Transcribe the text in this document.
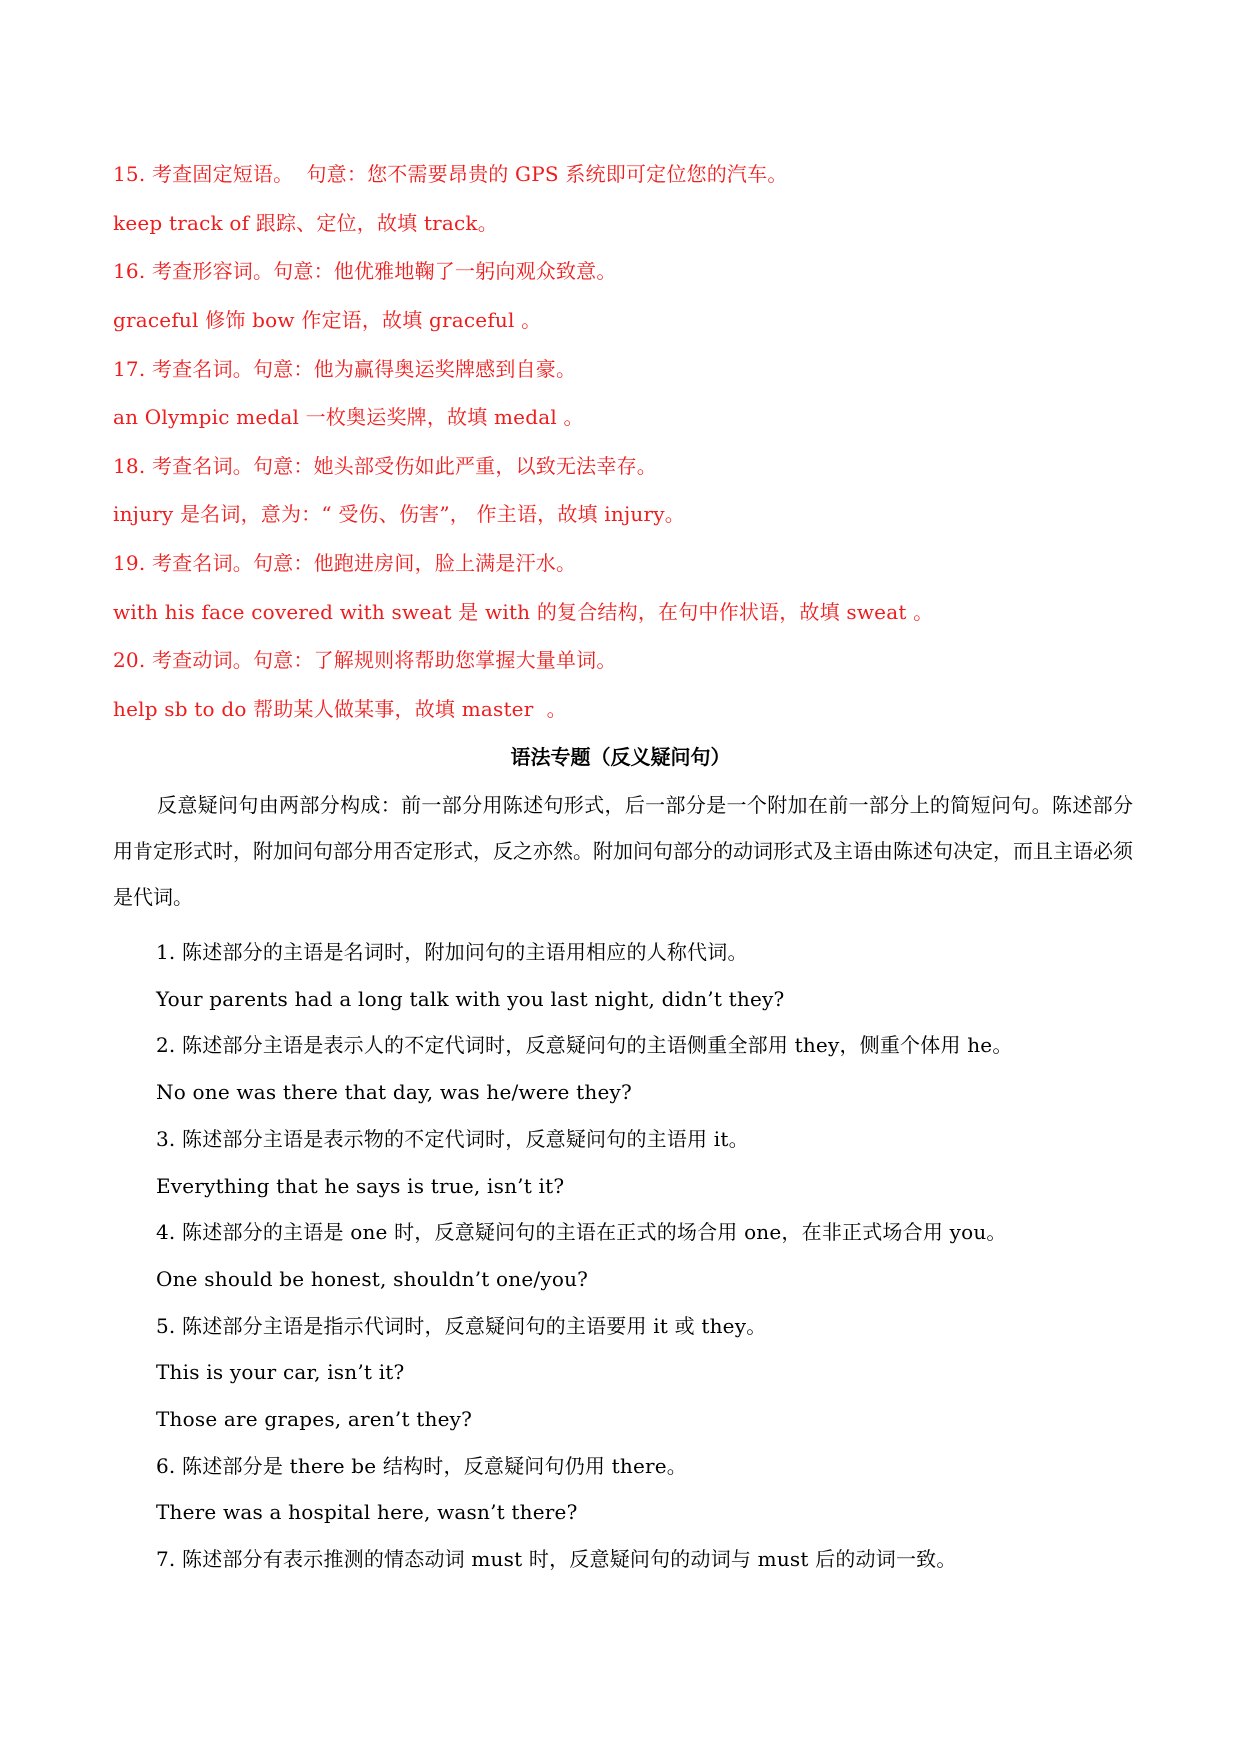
15. 考查固定短语。  句意：您不需要昂贵的 GPS 系统即可定位您的汽车。
keep track of 跟踪、定位，故填 track。
16. 考查形容词。句意：他优雅地鞠了一躬向观众致意。
graceful 修饰 bow 作定语，故填 graceful 。
17. 考查名词。句意：他为赢得奥运奖牌感到自豪。
an Olympic medal 一枚奥运奖牌，故填 medal 。
18. 考查名词。句意：她头部受伤如此严重，以致无法幸存。
injury 是名词，意为：“ 受伤、伤害”， 作主语，故填 injury。
19. 考查名词。句意：他跑进房间，脸上满是汗水。
with his face covered with sweat 是 with 的复合结构，在句中作状语，故填 sweat 。
20. 考查动词。句意：了解规则将帮助您掌握大量单词。
help sb to do 帮助某人做某事，故填 master  。
语法专题（反义疑问句）
反意疑问句由两部分构成：前一部分用陈述句形式，后一部分是一个附加在前一部分上的简短问句。陈述部分用肯定形式时，附加问句部分用否定形式，反之亦然。附加问句部分的动词形式及主语由陈述句决定，而且主语必须是代词。
1. 陈述部分的主语是名词时，附加问句的主语用相应的人称代词。
Your parents had a long talk with you last night, didn’t they?
2. 陈述部分主语是表示人的不定代词时，反意疑问句的主语侧重全部用 they，侧重个体用 he。
No one was there that day, was he/were they?
3. 陈述部分主语是表示物的不定代词时，反意疑问句的主语用 it。
Everything that he says is true, isn’t it?
4. 陈述部分的主语是 one 时，反意疑问句的主语在正式的场合用 one，在非正式场合用 you。
One should be honest, shouldn’t one/you?
5. 陈述部分主语是指示代词时，反意疑问句的主语要用 it 或 they。
This is your car, isn’t it?
Those are grapes, aren’t they?
6. 陈述部分是 there be 结构时，反意疑问句仍用 there。
There was a hospital here, wasn’t there?
7. 陈述部分有表示推测的情态动词 must 时，反意疑问句的动词与 must 后的动词一致。
